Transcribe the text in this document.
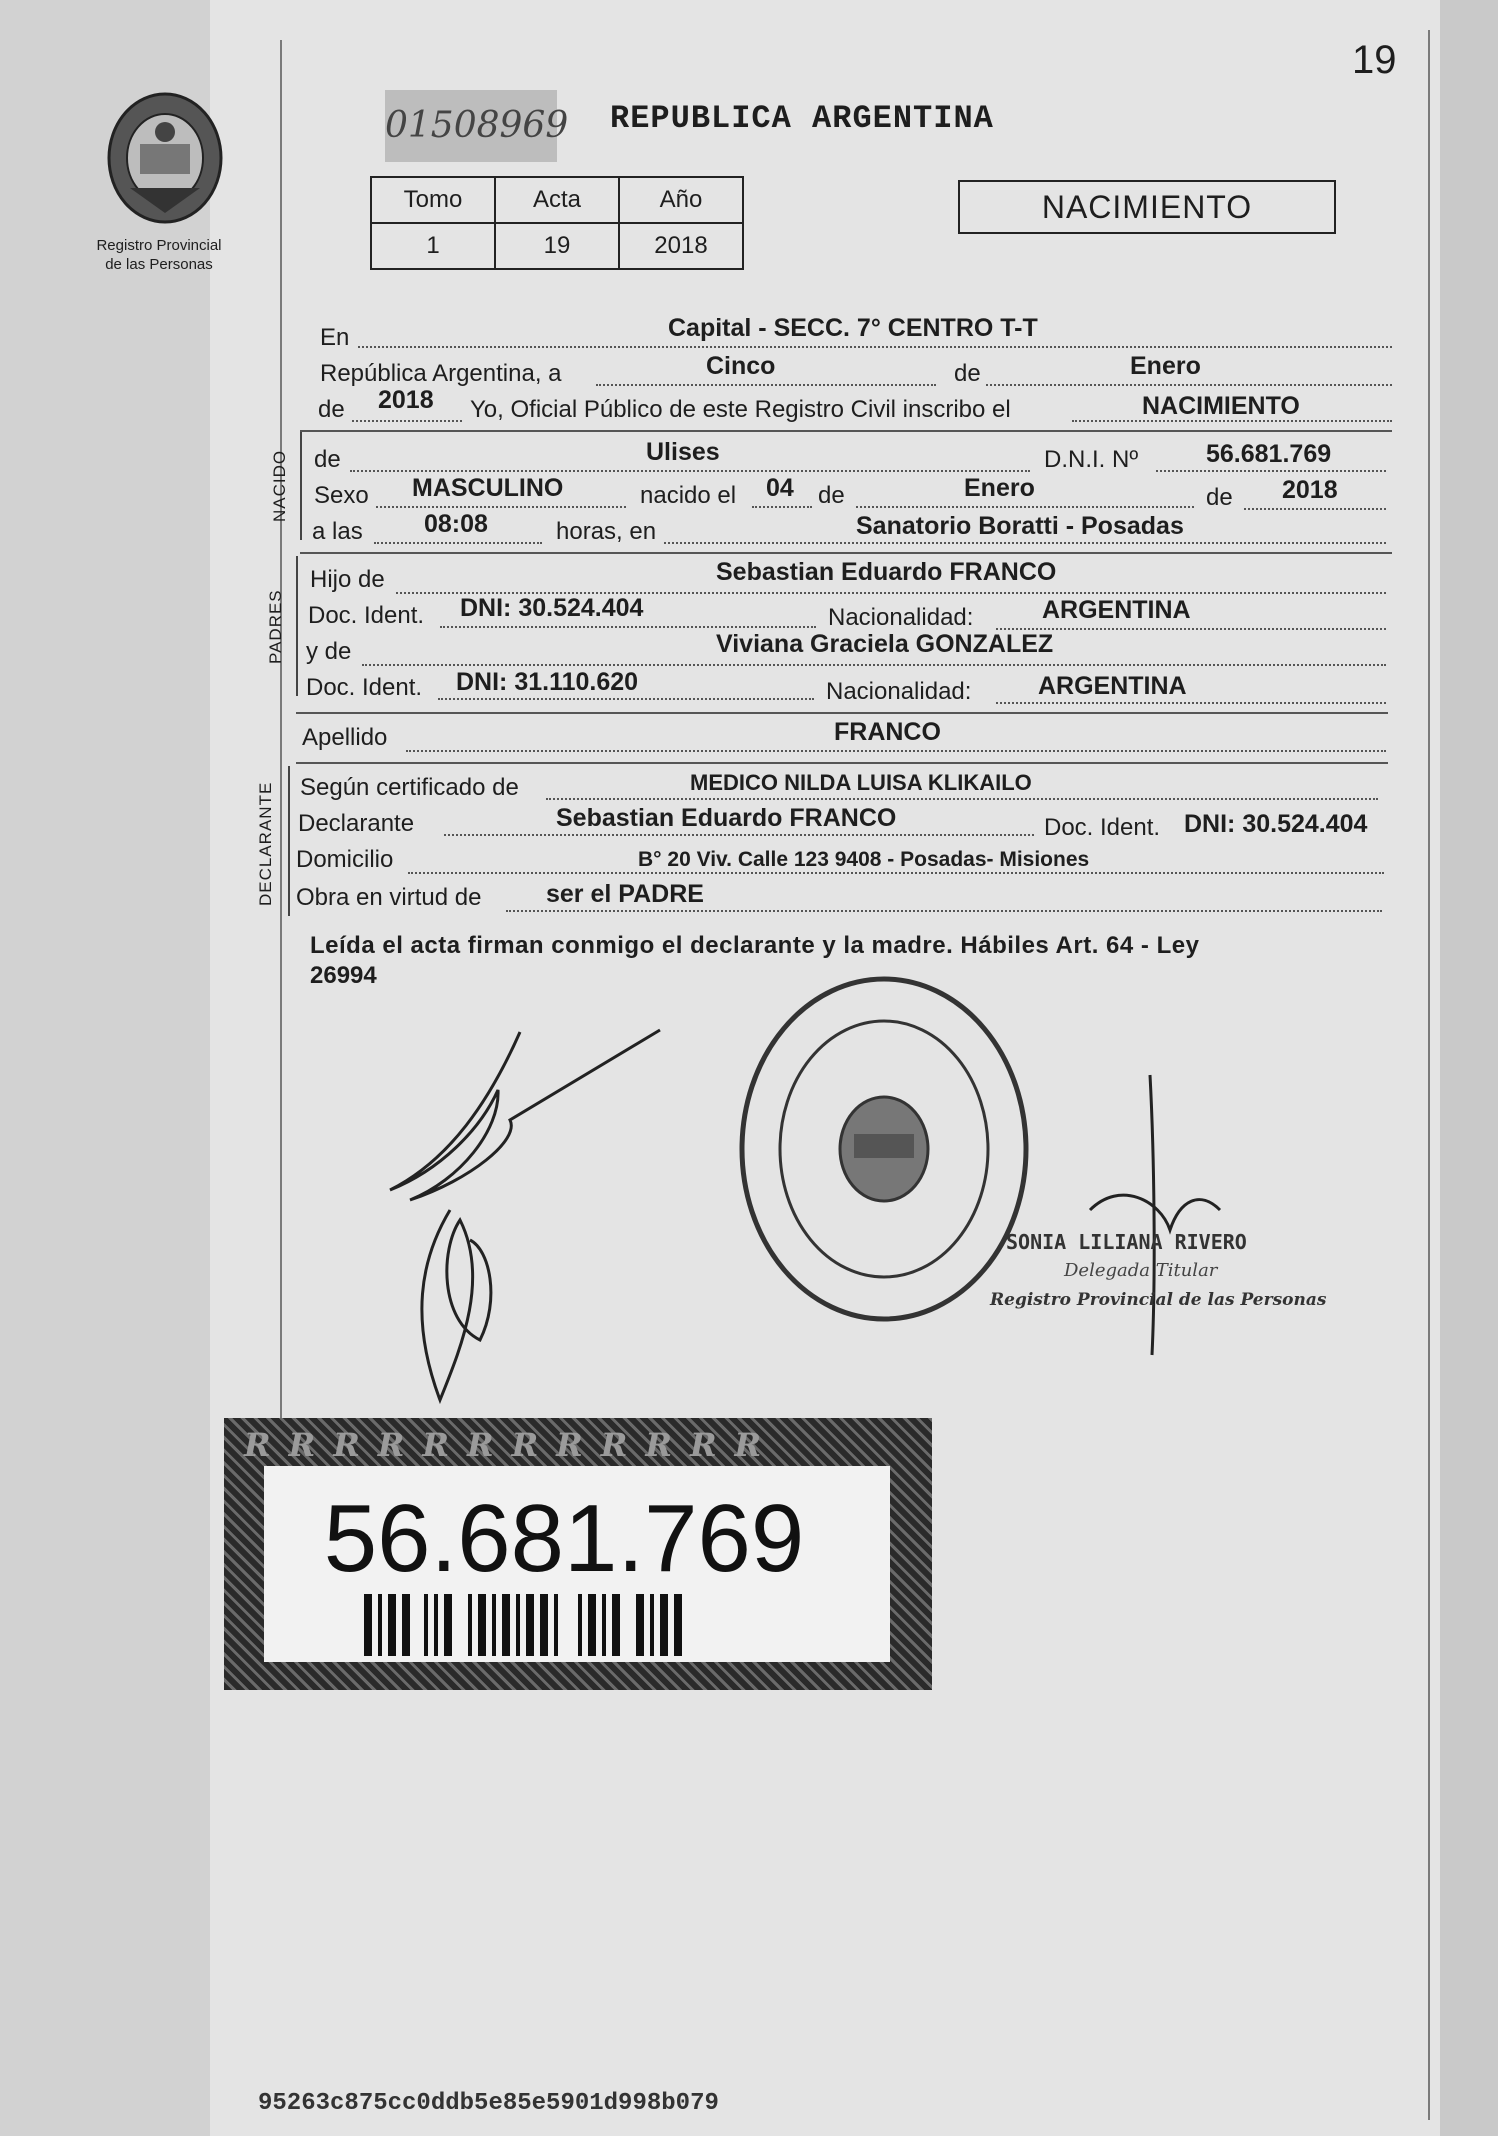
19
Registro Provincial
de las Personas
01508969 REPUBLICA ARGENTINA
Tomo	Acta	Año
1	19	2018
NACIMIENTO
En	Capital - SECC. 7° CENTRO T-T
República Argentina, a	Cinco	de	Enero
de 2018 Yo, Oficial Público de este Registro Civil inscribo el	NACIMIENTO
NACIDO de	Ulises	D.N.I. Nº	56.681.769
Sexo MASCULINO	nacido el 04 de	Enero	de 2018
a las 08:08	horas, en	Sanatorio Boratti - Posadas
PADRES
Hijo de	Sebastian Eduardo FRANCO
Doc. Ident. DNI: 30.524.404	Nacionalidad:	ARGENTINA
y de	Viviana Graciela GONZALEZ
Doc. Ident. DNI: 31.110.620	Nacionalidad:	ARGENTINA
Apellido	FRANCO
DECLARANTE Según certificado de	MEDICO NILDA LUISA KLIKAILO
Declarante	Sebastian Eduardo FRANCO	Doc. Ident. DNI: 30.524.404
Domicilio	B° 20 Viv. Calle 123 9408 - Posadas- Misiones
Obra en virtud de	ser el PADRE
Leída el acta firman conmigo el declarante y la madre. Hábiles Art. 64 - Ley
26994
SONIA LILIANA RIVERO
Delegada Titular
Registro Provincial de las Personas
RRRRRRRRRRRR
56.681.769
95263c875cc0ddb5e85e5901d998b079
